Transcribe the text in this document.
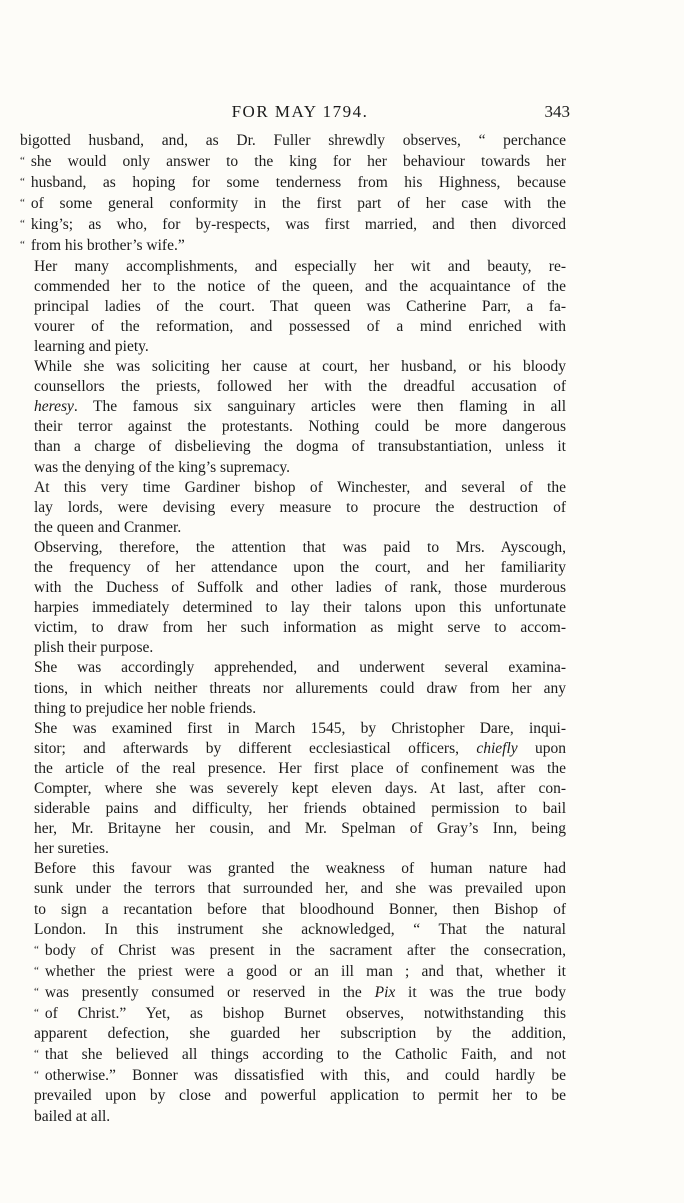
FOR MAY 1794.	343

bigotted husband, and, as Dr. Fuller shrewdly observes, “ perchance
“ she would only answer to the king for her behaviour towards her
“ husband, as hoping for some tenderness from his Highness, because
“ of some general conformity in the first part of her case with the
“ king’s; as who, for by-respects, was first married, and then divorced
“ from his brother’s wife.”

Her many accomplishments, and especially her wit and beauty, re-
commended her to the notice of the queen, and the acquaintance of the
principal ladies of the court. That queen was Catherine Parr, a fa-
vourer of the reformation, and possessed of a mind enriched with
learning and piety.

While she was soliciting her cause at court, her husband, or his bloody
counsellors the priests, followed her with the dreadful accusation of
heresy. The famous six sanguinary articles were then flaming in all
their terror against the protestants. Nothing could be more dangerous
than a charge of disbelieving the dogma of transubstantiation, unless it
was the denying of the king’s supremacy.

At this very time Gardiner bishop of Winchester, and several of the
lay lords, were devising every measure to procure the destruction of
the queen and Cranmer.

Observing, therefore, the attention that was paid to Mrs. Ayscough,
the frequency of her attendance upon the court, and her familiarity
with the Duchess of Suffolk and other ladies of rank, those murderous
harpies immediately determined to lay their talons upon this unfortunate
victim, to draw from her such information as might serve to accom-
plish their purpose.

She was accordingly apprehended, and underwent several examina-
tions, in which neither threats nor allurements could draw from her any
thing to prejudice her noble friends.

She was examined first in March 1545, by Christopher Dare, inqui-
sitor; and afterwards by different ecclesiastical officers, chiefly upon
the article of the real presence. Her first place of confinement was the
Compter, where she was severely kept eleven days. At last, after con-
siderable pains and difficulty, her friends obtained permission to bail
her, Mr. Britayne her cousin, and Mr. Spelman of Gray’s Inn, being
her sureties.

Before this favour was granted the weakness of human nature had
sunk under the terrors that surrounded her, and she was prevailed upon
to sign a recantation before that bloodhound Bonner, then Bishop of
London. In this instrument she acknowledged, “ That the natural
“ body of Christ was present in the sacrament after the consecration,
“ whether the priest were a good or an ill man ; and that, whether it
“ was presently consumed or reserved in the Pix it was the true body
“ of Christ.” Yet, as bishop Burnet observes, notwithstanding this
apparent defection, she guarded her subscription by the addition,
“ that she believed all things according to the Catholic Faith, and not
“ otherwise.” Bonner was dissatisfied with this, and could hardly be
prevailed upon by close and powerful application to permit her to be
bailed at all.
